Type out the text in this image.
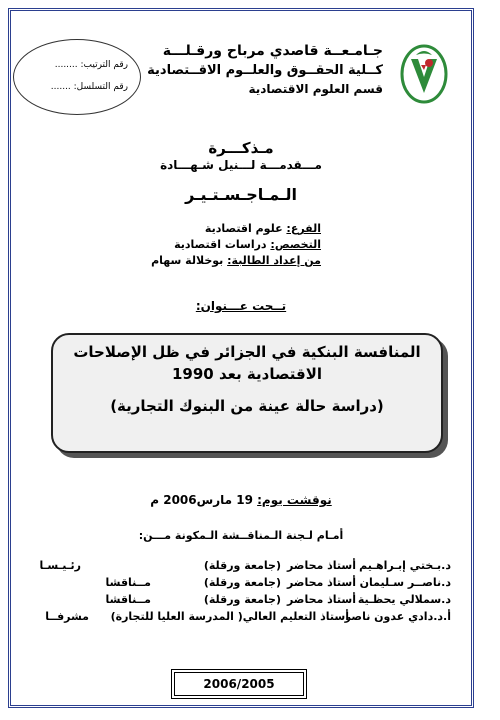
رقم الترتيب: ........
رقم التسلسل: .......
جـامـعــة قاصدي مرباح ورقـلـــة
كــلية الحقــوق والعلــوم الاقــتصادية
قسم العلوم الاقتصادية
مـذكـــرة
مـــقدمـــة لـــنيل شـهـــادة
الـمـاجـسـتـيـر
الفرع: علوم اقتصادية
التخصص: دراسات اقتصادية
من إعداد الطالبة: بوخلالة سهام
تــحت عـــنوان:
المنافسة البنكية في الجزائر في ظل الإصلاحات
الاقتصادية بعد 1990
(دراسة حالة عينة من البنوك التجارية)
نوقشت يوم: 19 مارس2006 م
أمـام لـجنة الـمناقــشة الـمكونة مـــن:
د.بـختي إبـراهـيم
أستاذ محاضر
(جامعة ورقلة)
رئـيـسـا
د.ناصــر سـليمان
أستاذ محاضر
(جامعة ورقلة)
مــناقشا
د.سملالي يحظـية
أستاذ محاضر
(جامعة ورقلة)
مــناقشا
أ.د.دادي عدون ناصر
أستاذ التعليم العالي( المدرسة العليا للتجارة)
مشرفــا
2006/2005
